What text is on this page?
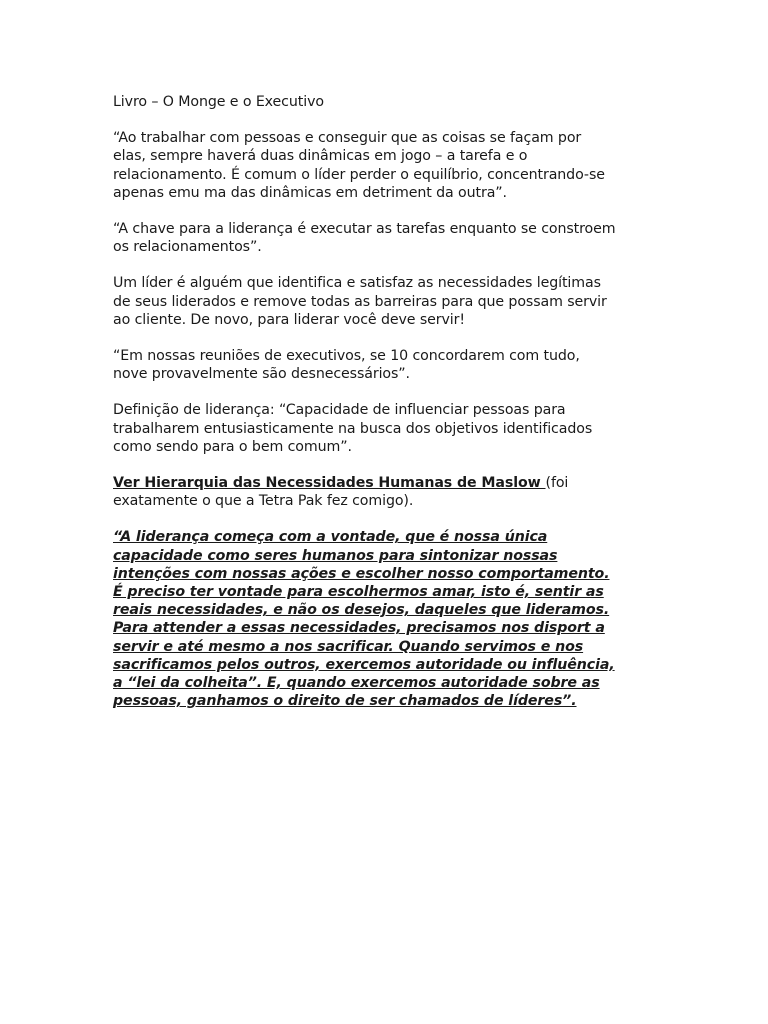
Livro – O Monge e o Executivo

“Ao trabalhar com pessoas e conseguir que as coisas se façam por
elas, sempre haverá duas dinâmicas em jogo – a tarefa e o
relacionamento. É comum o líder perder o equilíbrio, concentrando-se
apenas emu ma das dinâmicas em detriment da outra”.

“A chave para a liderança é executar as tarefas enquanto se constroem
os relacionamentos”.

Um líder é alguém que identifica e satisfaz as necessidades legítimas
de seus liderados e remove todas as barreiras para que possam servir
ao cliente. De novo, para liderar você deve servir!

“Em nossas reuniões de executivos, se 10 concordarem com tudo,
nove provavelmente são desnecessários”.

Definição de liderança: “Capacidade de influenciar pessoas para
trabalharem entusiasticamente na busca dos objetivos identificados
como sendo para o bem comum”.

Ver Hierarquia das Necessidades Humanas de Maslow (foi
exatamente o que a Tetra Pak fez comigo).

“A liderança começa com a vontade, que é nossa única
capacidade como seres humanos para sintonizar nossas
intenções com nossas ações e escolher nosso comportamento.
É preciso ter vontade para escolhermos amar, isto é, sentir as
reais necessidades, e não os desejos, daqueles que lideramos.
Para attender a essas necessidades, precisamos nos disport a
servir e até mesmo a nos sacrificar. Quando servimos e nos
sacrificamos pelos outros, exercemos autoridade ou influência,
a “lei da colheita”. E, quando exercemos autoridade sobre as
pessoas, ganhamos o direito de ser chamados de líderes”.
